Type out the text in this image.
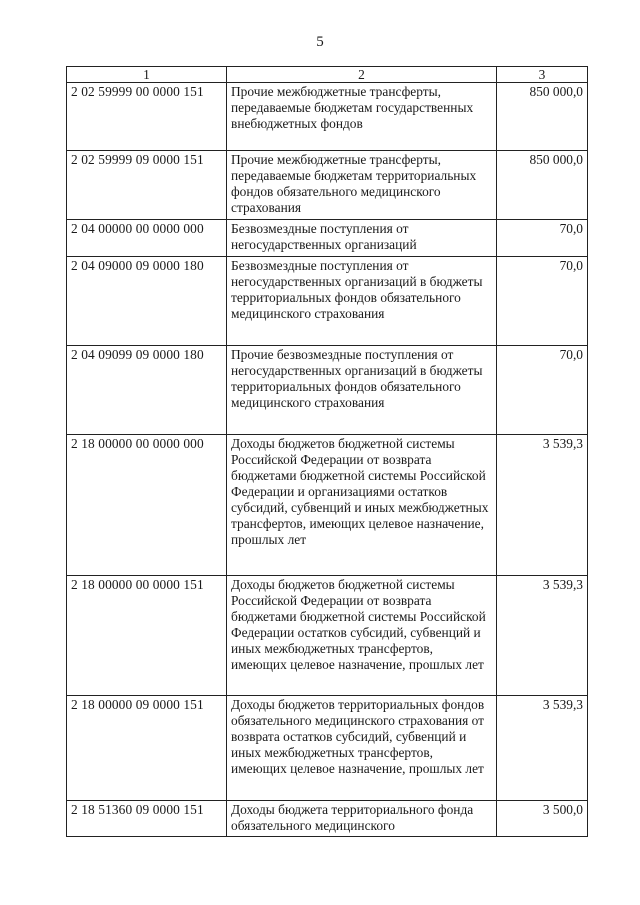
5
1	2	3
2 02 59999 00 0000 151	Прочие межбюджетные трансферты, передаваемые бюджетам государственных внебюджетных фондов	850 000,0
2 02 59999 09 0000 151	Прочие межбюджетные трансферты, передаваемые бюджетам территориальных фондов обязательного медицинского страхования	850 000,0
2 04 00000 00 0000 000	Безвозмездные поступления от негосударственных организаций	70,0
2 04 09000 09 0000 180	Безвозмездные поступления от негосударственных организаций в бюджеты территориальных фондов обязательного медицинского страхования	70,0
2 04 09099 09 0000 180	Прочие безвозмездные поступления от негосударственных организаций в бюджеты территориальных фондов обязательного медицинского страхования	70,0
2 18 00000 00 0000 000	Доходы бюджетов бюджетной системы Российской Федерации от возврата бюджетами бюджетной системы Российской Федерации и организациями остатков субсидий, субвенций и иных межбюджетных трансфертов, имеющих целевое назначение, прошлых лет	3 539,3
2 18 00000 00 0000 151	Доходы бюджетов бюджетной системы Российской Федерации от возврата бюджетами бюджетной системы Российской Федерации остатков субсидий, субвенций и иных межбюджетных трансфертов, имеющих целевое назначение, прошлых лет	3 539,3
2 18 00000 09 0000 151	Доходы бюджетов территориальных фондов обязательного медицинского страхования от возврата остатков субсидий, субвенций и иных межбюджетных трансфертов, имеющих целевое назначение, прошлых лет	3 539,3
2 18 51360 09 0000 151	Доходы бюджета территориального фонда обязательного медицинского	3 500,0
